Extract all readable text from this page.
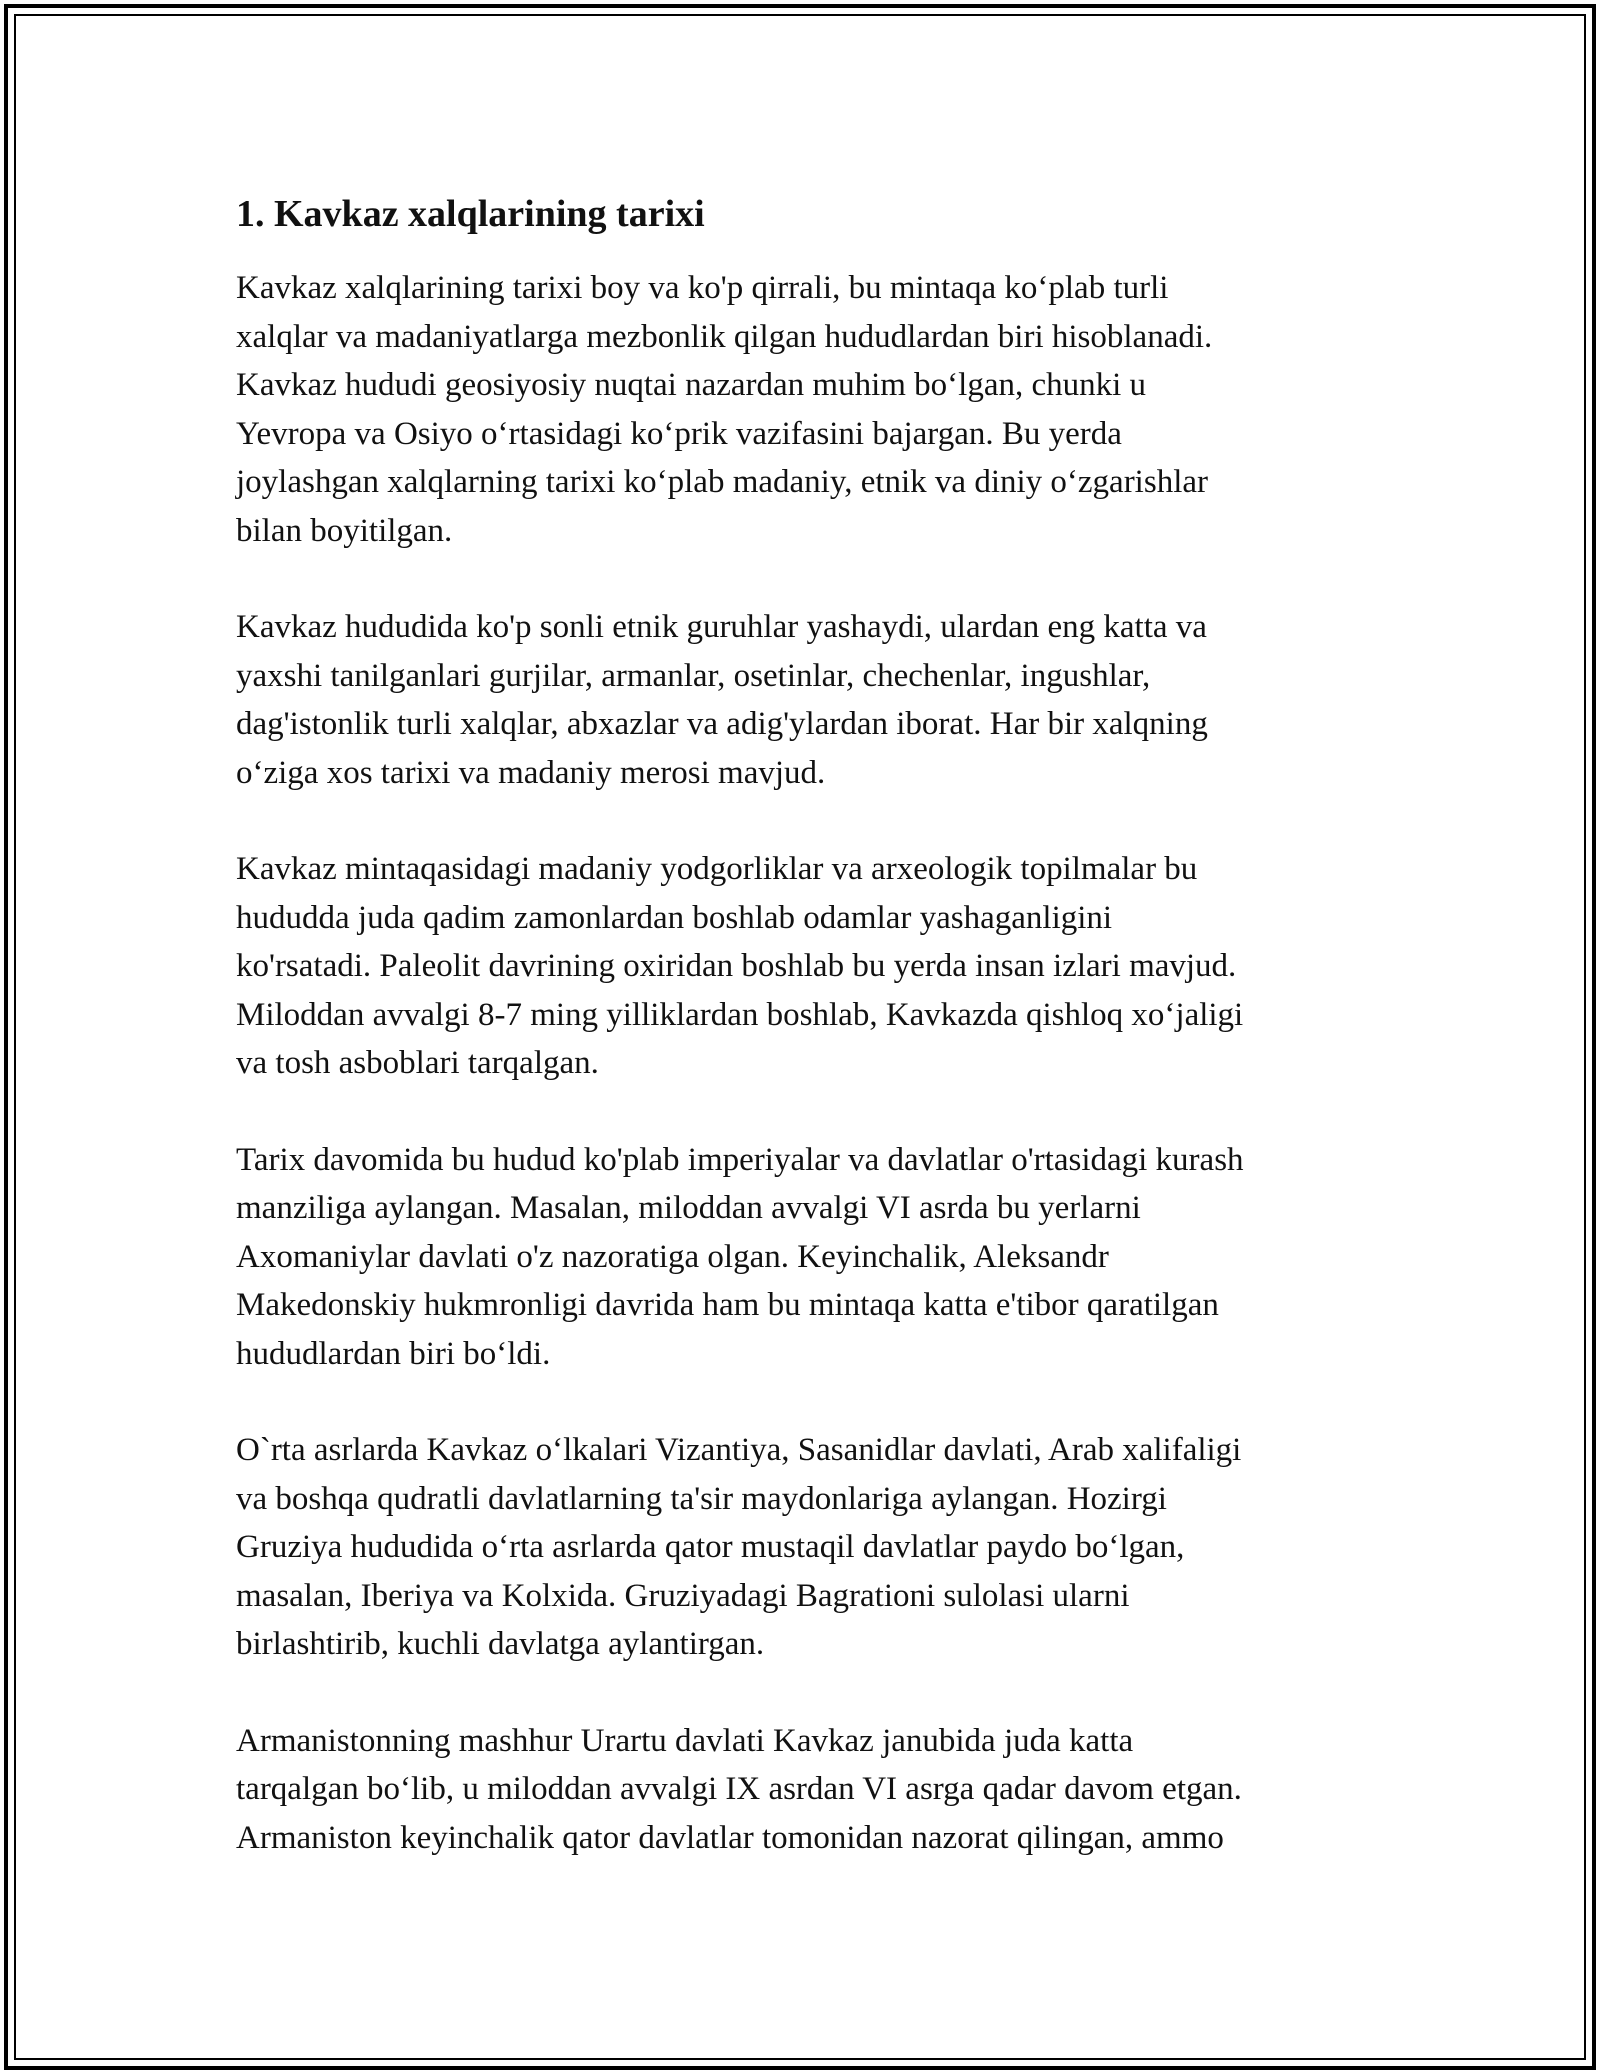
1. Kavkaz xalqlarining tarixi

Kavkaz xalqlarining tarixi boy va ko'p qirrali, bu mintaqa ko‘plab turli
xalqlar va madaniyatlarga mezbonlik qilgan hududlardan biri hisoblanadi.
Kavkaz hududi geosiyosiy nuqtai nazardan muhim bo‘lgan, chunki u
Yevropa va Osiyo o‘rtasidagi ko‘prik vazifasini bajargan. Bu yerda
joylashgan xalqlarning tarixi ko‘plab madaniy, etnik va diniy o‘zgarishlar
bilan boyitilgan.

Kavkaz hududida ko'p sonli etnik guruhlar yashaydi, ulardan eng katta va
yaxshi tanilganlari gurjilar, armanlar, osetinlar, chechenlar, ingushlar,
dag'istonlik turli xalqlar, abxazlar va adig'ylardan iborat. Har bir xalqning
o‘ziga xos tarixi va madaniy merosi mavjud.

Kavkaz mintaqasidagi madaniy yodgorliklar va arxeologik topilmalar bu
hududda juda qadim zamonlardan boshlab odamlar yashaganligini
ko'rsatadi. Paleolit davrining oxiridan boshlab bu yerda insan izlari mavjud.
Miloddan avvalgi 8-7 ming yilliklardan boshlab, Kavkazda qishloq xo‘jaligi
va tosh asboblari tarqalgan.

Tarix davomida bu hudud ko'plab imperiyalar va davlatlar o'rtasidagi kurash
manziliga aylangan. Masalan, miloddan avvalgi VI asrda bu yerlarni
Axomaniylar davlati o'z nazoratiga olgan. Keyinchalik, Aleksandr
Makedonskiy hukmronligi davrida ham bu mintaqa katta e'tibor qaratilgan
hududlardan biri bo‘ldi.

O`rta asrlarda Kavkaz o‘lkalari Vizantiya, Sasanidlar davlati, Arab xalifaligi
va boshqa qudratli davlatlarning ta'sir maydonlariga aylangan. Hozirgi
Gruziya hududida o‘rta asrlarda qator mustaqil davlatlar paydo bo‘lgan,
masalan, Iberiya va Kolxida. Gruziyadagi Bagrationi sulolasi ularni
birlashtirib, kuchli davlatga aylantirgan.

Armanistonning mashhur Urartu davlati Kavkaz janubida juda katta
tarqalgan bo‘lib, u miloddan avvalgi IX asrdan VI asrga qadar davom etgan.
Armaniston keyinchalik qator davlatlar tomonidan nazorat qilingan, ammo
